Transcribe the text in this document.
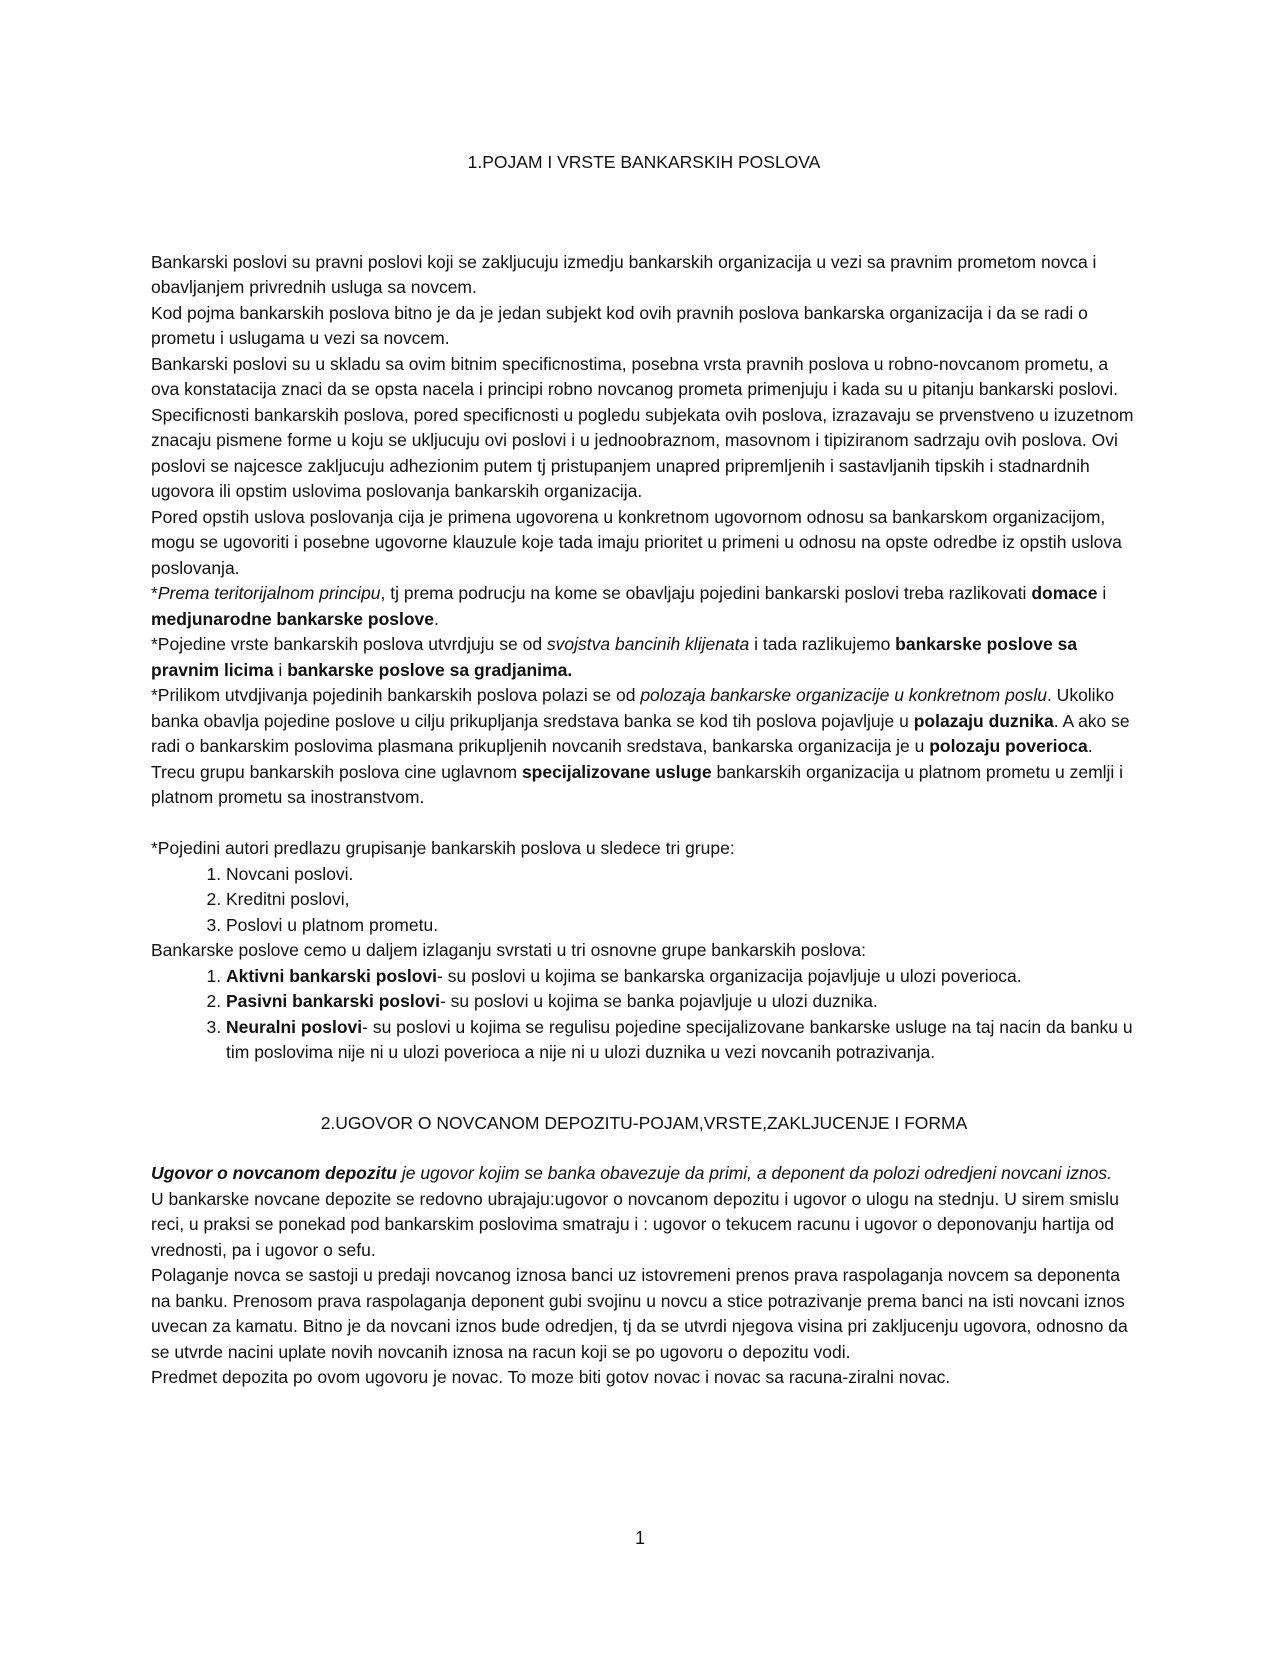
1.POJAM I VRSTE BANKARSKIH POSLOVA

Bankarski poslovi su pravni poslovi koji se zakljucuju izmedju bankarskih organizacija u vezi sa pravnim prometom novca i obavljanjem privrednih usluga sa novcem.

Kod pojma bankarskih poslova bitno je da je jedan subjekt kod ovih pravnih poslova bankarska organizacija i da se radi o prometu i uslugama u vezi sa novcem.

Bankarski poslovi su u skladu sa ovim bitnim specificnostima, posebna vrsta pravnih poslova u robno-novcanom prometu, a ova konstatacija znaci da se opsta nacela i principi robno novcanog prometa primenjuju i kada su u pitanju bankarski poslovi.

Specificnosti bankarskih poslova, pored specificnosti u pogledu subjekata ovih poslova, izrazavaju se prvenstveno u izuzetnom znacaju pismene forme u koju se ukljucuju ovi poslovi i u jednoobraznom, masovnom i tipiziranom sadrzaju ovih poslova. Ovi poslovi se najcesce zakljucuju adhezionim putem tj pristupanjem unapred pripremljenih i sastavljanih tipskih i stadnardnih ugovora ili opstim uslovima poslovanja bankarskih organizacija.

Pored opstih uslova poslovanja cija je primena ugovorena u konkretnom ugovornom odnosu sa bankarskom organizacijom, mogu se ugovoriti i posebne ugovorne klauzule koje tada imaju prioritet u primeni u odnosu na opste odredbe iz opstih uslova poslovanja.

*Prema teritorijalnom principu, tj prema podrucju na kome se obavljaju pojedini bankarski poslovi treba razlikovati domace i medjunarodne bankarske poslove.

*Pojedine vrste bankarskih poslova utvrdjuju se od svojstva bancinih klijenata i tada razlikujemo bankarske poslove sa pravnim licima i bankarske poslove sa gradjanima.

*Prilikom utvdjivanja pojedinih bankarskih poslova polazi se od polozaja bankarske organizacije u konkretnom poslu. Ukoliko banka obavlja pojedine poslove u cilju prikupljanja sredstava banka se kod tih poslova pojavljuje u polazaju duznika. A ako se radi o bankarskim poslovima plasmana prikupljenih novcanih sredstava, bankarska organizacija je u polozaju poverioca. Trecu grupu bankarskih poslova cine uglavnom specijalizovane usluge bankarskih organizacija u platnom prometu u zemlji i platnom prometu sa inostranstvom.

*Pojedini autori predlazu grupisanje bankarskih poslova u sledece tri grupe:

1. Novcani poslovi.
2. Kreditni poslovi,
3. Poslovi u platnom prometu.

Bankarske poslove cemo u daljem izlaganju svrstati u tri osnovne grupe bankarskih poslova:

1. Aktivni bankarski poslovi- su poslovi u kojima se bankarska organizacija pojavljuje u ulozi poverioca.
2. Pasivni bankarski poslovi- su poslovi u kojima se banka pojavljuje u ulozi duznika.
3. Neuralni poslovi- su poslovi u kojima se regulisu pojedine specijalizovane bankarske usluge na taj nacin da banku u tim poslovima nije ni u ulozi poverioca a nije ni u ulozi duznika u vezi novcanih potrazivanja.

2.UGOVOR O NOVCANOM DEPOZITU-POJAM,VRSTE,ZAKLJUCENJE I FORMA

Ugovor o novcanom depozitu je ugovor kojim se banka obavezuje da primi, a deponent da polozi odredjeni novcani iznos.

U bankarske novcane depozite se redovno ubrajaju:ugovor o novcanom depozitu i ugovor o ulogu na stednju. U sirem smislu reci, u praksi se ponekad pod bankarskim poslovima smatraju i : ugovor o tekucem racunu i ugovor o deponovanju hartija od vrednosti, pa i ugovor o sefu.

Polaganje novca se sastoji u predaji novcanog iznosa banci uz istovremeni prenos prava raspolaganja novcem sa deponenta na banku. Prenosom prava raspolaganja deponent gubi svojinu u novcu a stice potrazivanje prema banci na isti novcani iznos uvecan za kamatu. Bitno je da novcani iznos bude odredjen, tj da se utvrdi njegova visina pri zakljucenju ugovora, odnosno da se utvrde nacini uplate novih novcanih iznosa na racun koji se po ugovoru o depozitu vodi.

Predmet depozita po ovom ugovoru je novac. To moze biti gotov novac i novac sa racuna-ziralni novac.

1
